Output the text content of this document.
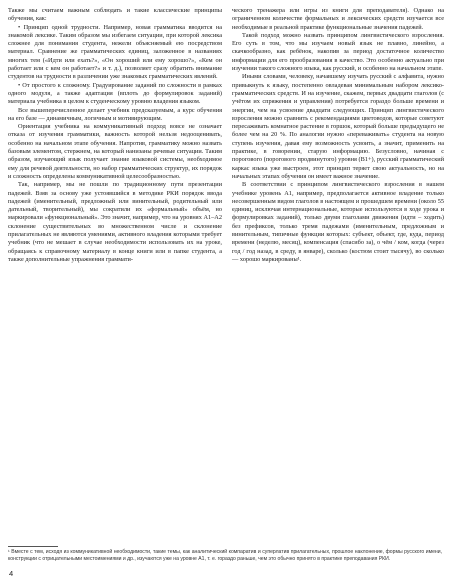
Также мы считаем важным соблюдать и такие классические принципы обучения, как:

• Принцип одной трудности. Например, новая грамматика вводится на знакомой лексике. Таким образом мы избегаем ситуации, при которой лексика сложнее для понимания студента, нежели объясняемый ею посредством материал. Сравнение же грамматических единиц, заложенное в названиях многих тем («Идти или ехать?», «Он хороший или ему хорошо?», «Кем он работает или с кем он работает?» и т. д.), позволяет сразу обратить внимание студентов на трудности в различении уже знакомых грамматических явлений.

• От простого к сложному. Градуирование заданий по сложности в рамках одного модуля, а также адаптация (вплоть до формулировок заданий) материала учебника в целом к студенческому уровню владения языком.

Все вышеперечисленное делает учебник предсказуемым, а курс обучения на его базе — динамичным, логичным и мотивирующим.

Ориентация учебника на коммуникативный подход вовсе не означает отказа от изучения грамматики, важность которой нельзя недооценивать, особенно на начальном этапе обучения. Напротив, грамматику можно назвать базовым элементом, стержнем, на который нанизаны речевые ситуации. Таким образом, изучающий язык получает знание языковой системы, необходимое ему для речевой деятельности, но набор грамматических структур, их порядок и сложность определены коммуникативной целесообразностью.

Так, например, мы не пошли по традиционному пути презентации падежей. Взяв за основу уже устоявшийся в методике РКИ порядок ввода падежей (именительный, предложный или винительный, родительный или дательный, творительный), мы сократили их «формальный» объём, но маркировали «функциональный». Это значит, например, что на уровнях А1–А2 склонение существительных во множественном числе и склонение прилагательных не являются умениями, активного владения которыми требует учебник (что не мешает в случае необходимости использовать их на уроке, обращаясь к справочному материалу в конце книги или в папке студента, а также дополнительные упражнения граммати-

ческого тренажера или игры из книги для преподавателя). Однако на ограниченном количестве формальных и лексических средств изучается все необходимые в реальной практике функциональные значения падежей.

Такой подход можно назвать принципом лингвистического взросления. Его суть в том, что мы изучаем новый язык не плавно, линейно, а скачкообразно, как ребёнок, накопив за период достаточное количество информации для его прообразования в качество. Это особенно актуально при изучении такого сложного языка, как русский, и особенно на начальном этапе.

Иными словами, человеку, начавшему изучать русский с алфавита, нужно привыкнуть к языку, постепенно овладевая минимальным набором лексико-грамматических средств. И на изучение, скажем, первых двадцати глаголов (с учётом их спряжения и управления) потребуется гораздо больше времени и энергии, чем на усвоение двадцати следующих. Принцип лингвистического взросления можно сравнить с рекомендациями цветоводов, которые советуют пересаживать комнатное растение в горшок, который больше предыдущего не более чем на 20 %. По аналогии нужно «переваживать» студента на новую ступень изучения, давая ему возможность усвоить, а значит, применить на практике, в говорении, старую информацию. Безусловно, начиная с порогового (порогового продвинутого) уровня (В1+), русский грамматический каркас языка уже выстроен, этот принцип теряет свою актуальность, но на начальных этапах обучения он имеет важное значение.

В соответствии с принципом лингвистического взросления в нашем учебнике уровень А1, например, предполагается активное владение только несовершенным видом глаголов в настоящем и прошедшем времени (около 55 единиц, исключая интернациональные, которые используются в ходе урока и формулировках заданий), только двумя глаголами движения (идти – ходить) без префиксов, только тремя падежами (именительным, предложным и винительным, типичные функции которых: субъект, объект, где, куда, период времени (неделю, месяц), компенсация (спасибо за), о чём / ком, когда (через год / год назад, в среду, в январе), сколько (костюм стоит тысячу), во сколько — хорошо маркированы¹.

¹ Вместе с тем, исходя из коммуникативной необходимости, такие темы, как аналитический компаратив и суперлатив прилагательных, прошлое наклонение, формы русского имени, конструкции с отрицательными местоимениями и др., изучаются уже на уровне А1, т. е. гораздо раньше, чем это обычно принято в практике преподавания РКИ.
4
